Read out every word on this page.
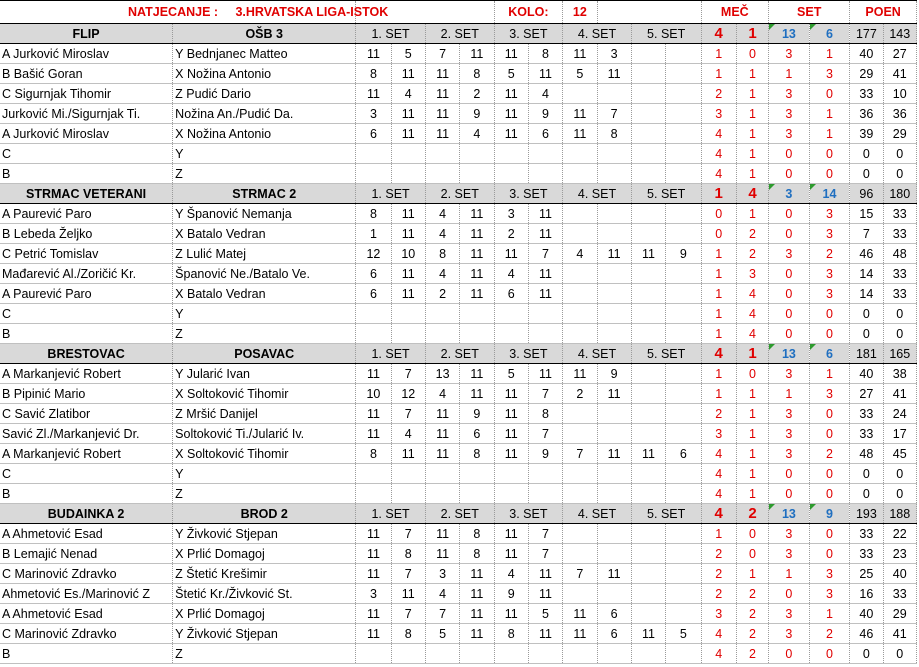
NATJECANJE : 3.HRVATSKA LIGA-ISTOK						KOLO:		12				MEČ		SET		POEN	
FLIP	OŠB 3	1. SET		2. SET		3. SET		4. SET		5. SET		4	1	13	6	177	143
A Jurković Miroslav	Y Bednjanec Matteo	11	5	7	11	11	8	11	3			1	0	3	1	40	27
B Bašić Goran	X Nožina Antonio	8	11	11	8	5	11	5	11			1	1	1	3	29	41
C Sigurnjak Tihomir	Z Pudić Dario	11	4	11	2	11	4					2	1	3	0	33	10
Jurković Mi./Sigurnjak Ti.	Nožina An./Pudić Da.	3	11	11	9	11	9	11	7			3	1	3	1	36	36
A Jurković Miroslav	X Nožina Antonio	6	11	11	4	11	6	11	8			4	1	3	1	39	29
C	Y											4	1	0	0	0	0
B	Z											4	1	0	0	0	0
STRMAC VETERANI	STRMAC 2	1. SET		2. SET		3. SET		4. SET		5. SET		1	4	3	14	96	180
A Paurević Paro	Y Španović Nemanja	8	11	4	11	3	11					0	1	0	3	15	33
B Lebeda Željko	X Batalo Vedran	1	11	4	11	2	11					0	2	0	3	7	33
C Petrić Tomislav	Z Lulić Matej	12	10	8	11	11	7	4	11	11	9	1	2	3	2	46	48
Mađarević Al./Zoričić Kr.	Španović Ne./Batalo Ve.	6	11	4	11	4	11					1	3	0	3	14	33
A Paurević Paro	X Batalo Vedran	6	11	2	11	6	11					1	4	0	3	14	33
C	Y											1	4	0	0	0	0
B	Z											1	4	0	0	0	0
BRESTOVAC	POSAVAC	1. SET		2. SET		3. SET		4. SET		5. SET		4	1	13	6	181	165
A Markanjević Robert	Y Jularić Ivan	11	7	13	11	5	11	11	9			1	0	3	1	40	38
B Pipinić Mario	X Soltoković Tihomir	10	12	4	11	11	7	2	11			1	1	1	3	27	41
C Savić Zlatibor	Z Mršić Danijel	11	7	11	9	11	8					2	1	3	0	33	24
Savić Zl./Markanjević Dr.	Soltoković Ti./Jularić Iv.	11	4	11	6	11	7					3	1	3	0	33	17
A Markanjević Robert	X Soltoković Tihomir	8	11	11	8	11	9	7	11	11	6	4	1	3	2	48	45
C	Y											4	1	0	0	0	0
B	Z											4	1	0	0	0	0
BUDAINKA 2	BROD 2	1. SET		2. SET		3. SET		4. SET		5. SET		4	2	13	9	193	188
A Ahmetović Esad	Y Živković Stjepan	11	7	11	8	11	7					1	0	3	0	33	22
B Lemajić Nenad	X Prlić Domagoj	11	8	11	8	11	7					2	0	3	0	33	23
C Marinović Zdravko	Z Štetić Krešimir	11	7	3	11	4	11	7	11			2	1	1	3	25	40
Ahmetović Es./Marinović Z	Štetić Kr./Živković St.	3	11	4	11	9	11					2	2	0	3	16	33
A Ahmetović Esad	X Prlić Domagoj	11	7	7	11	11	5	11	6			3	2	3	1	40	29
C Marinović Zdravko	Y Živković Stjepan	11	8	5	11	8	11	11	6	11	5	4	2	3	2	46	41
B	Z											4	2	0	0	0	0
